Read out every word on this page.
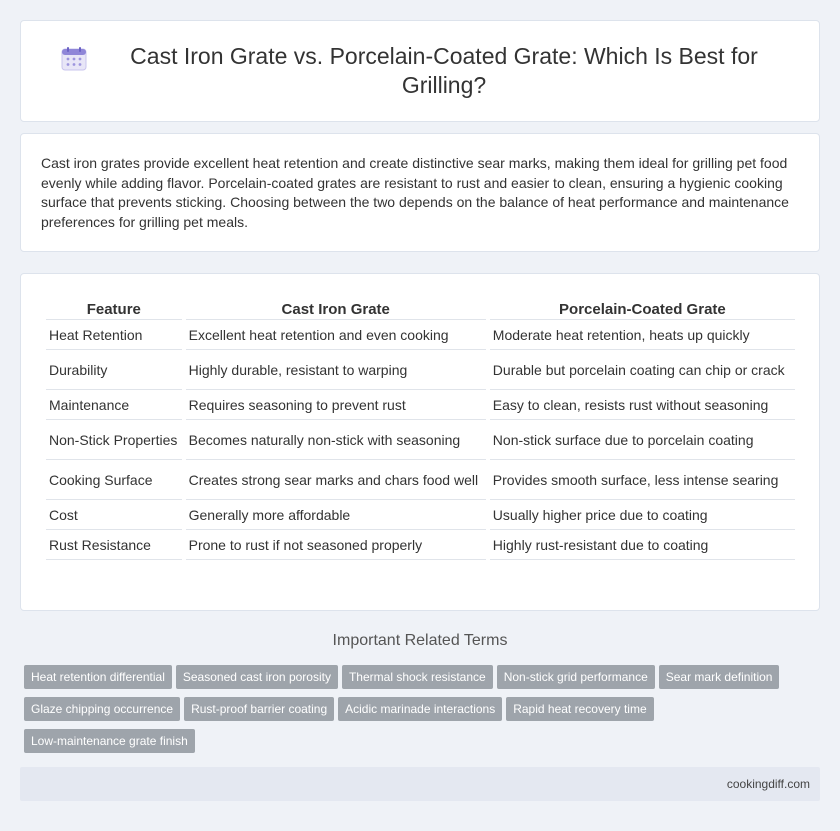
Cast Iron Grate vs. Porcelain-Coated Grate: Which Is Best for Grilling?

Cast iron grates provide excellent heat retention and create distinctive sear marks, making them ideal for grilling pet food evenly while adding flavor. Porcelain-coated grates are resistant to rust and easier to clean, ensuring a hygienic cooking surface that prevents sticking. Choosing between the two depends on the balance of heat performance and maintenance preferences for grilling pet meals.

Feature	Cast Iron Grate	Porcelain-Coated Grate
Heat Retention	Excellent heat retention and even cooking	Moderate heat retention, heats up quickly
Durability	Highly durable, resistant to warping	Durable but porcelain coating can chip or crack
Maintenance	Requires seasoning to prevent rust	Easy to clean, resists rust without seasoning
Non-Stick Properties	Becomes naturally non-stick with seasoning	Non-stick surface due to porcelain coating
Cooking Surface	Creates strong sear marks and chars food well	Provides smooth surface, less intense searing
Cost	Generally more affordable	Usually higher price due to coating
Rust Resistance	Prone to rust if not seasoned properly	Highly rust-resistant due to coating
Important Related Terms
Heat retention differential Seasoned cast iron porosity Thermal shock resistance Non-stick grid performance Sear mark definition
Glaze chipping occurrence Rust-proof barrier coating Acidic marinade interactions Rapid heat recovery time
Low-maintenance grate finish
cookingdiff.com
